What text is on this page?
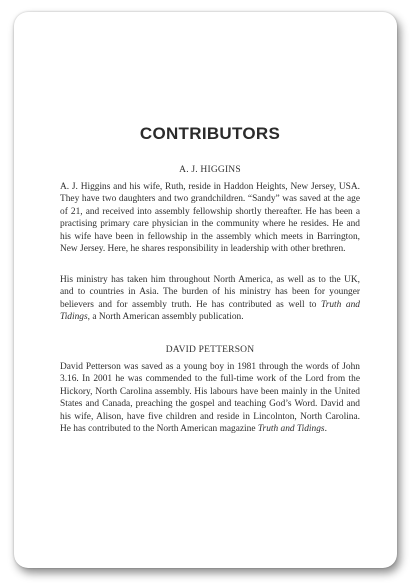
CONTRIBUTORS
A. J. HIGGINS

A. J. Higgins and his wife, Ruth, reside in Haddon Heights, New Jersey, USA. They have two daughters and two grandchildren. “Sandy” was saved at the age of 21, and received into assembly fellowship shortly thereafter. He has been a practising primary care physician in the community where he resides. He and his wife have been in fellowship in the assembly which meets in Barrington, New Jersey. Here, he shares responsibility in leadership with other brethren.

His ministry has taken him throughout North America, as well as to the UK, and to countries in Asia. The burden of his ministry has been for younger believers and for assembly truth. He has contributed as well to Truth and Tidings, a North American assembly publication.

DAVID PETTERSON

David Petterson was saved as a young boy in 1981 through the words of John 3.16. In 2001 he was commended to the full-time work of the Lord from the Hickory, North Carolina assembly. His labours have been mainly in the United States and Canada, preaching the gospel and teaching God’s Word. David and his wife, Alison, have five children and reside in Lincolnton, North Carolina. He has contributed to the North American magazine Truth and Tidings.
